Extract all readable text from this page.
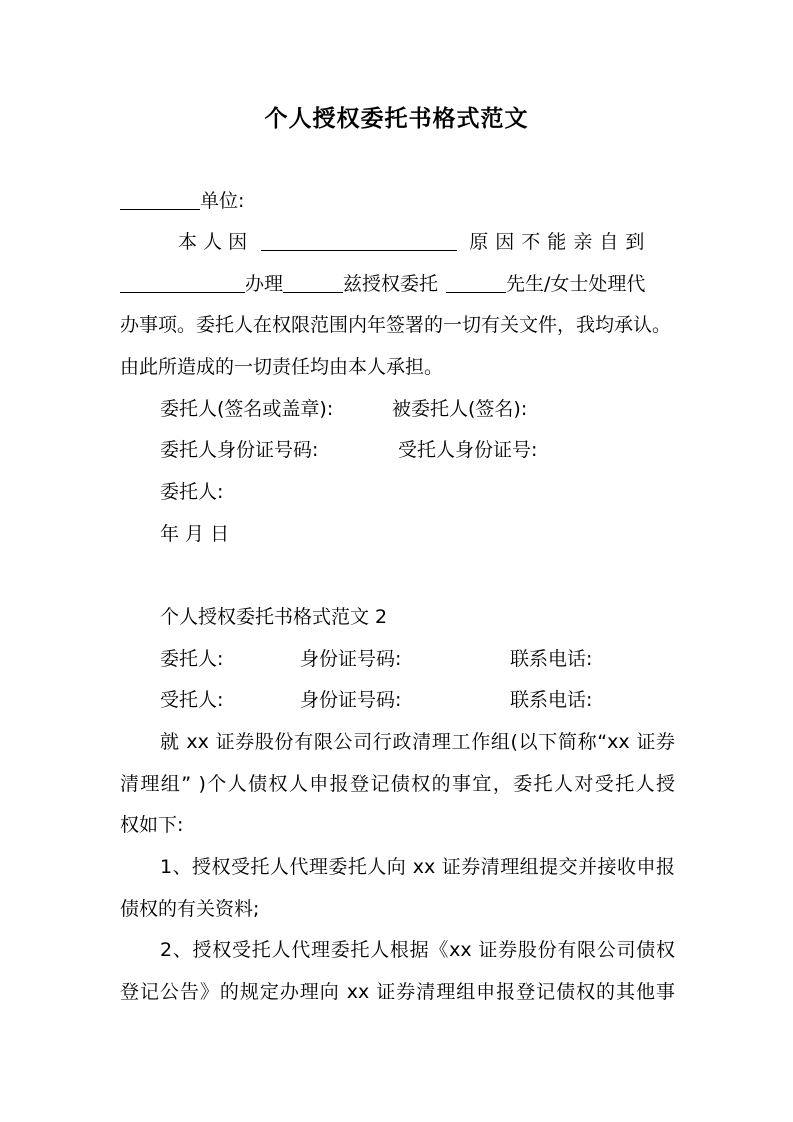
个人授权委托书格式范文
单位:
本 人 因	原 因 不 能 亲 自 到
办理	兹授权委托	先生/女士处理代
办事项。委托人在权限范围内年签署的一切有关文件，我均承认。
由此所造成的一切责任均由本人承担。
委托人(签名或盖章):	被委托人(签名):
委托人身份证号码:	受托人身份证号:
委托人:
年 月 日
个人授权委托书格式范文 2
委托人:	身份证号码:	联系电话:
受托人:	身份证号码:	联系电话:
就 xx 证券股份有限公司行政清理工作组(以下简称“xx 证券
清理组” )个人债权人申报登记债权的事宜，委托人对受托人授
权如下:
1、授权受托人代理委托人向 xx 证券清理组提交并接收申报
债权的有关资料;
2、授权受托人代理委托人根据《xx 证券股份有限公司债权
登记公告》的规定办理向 xx 证券清理组申报登记债权的其他事
